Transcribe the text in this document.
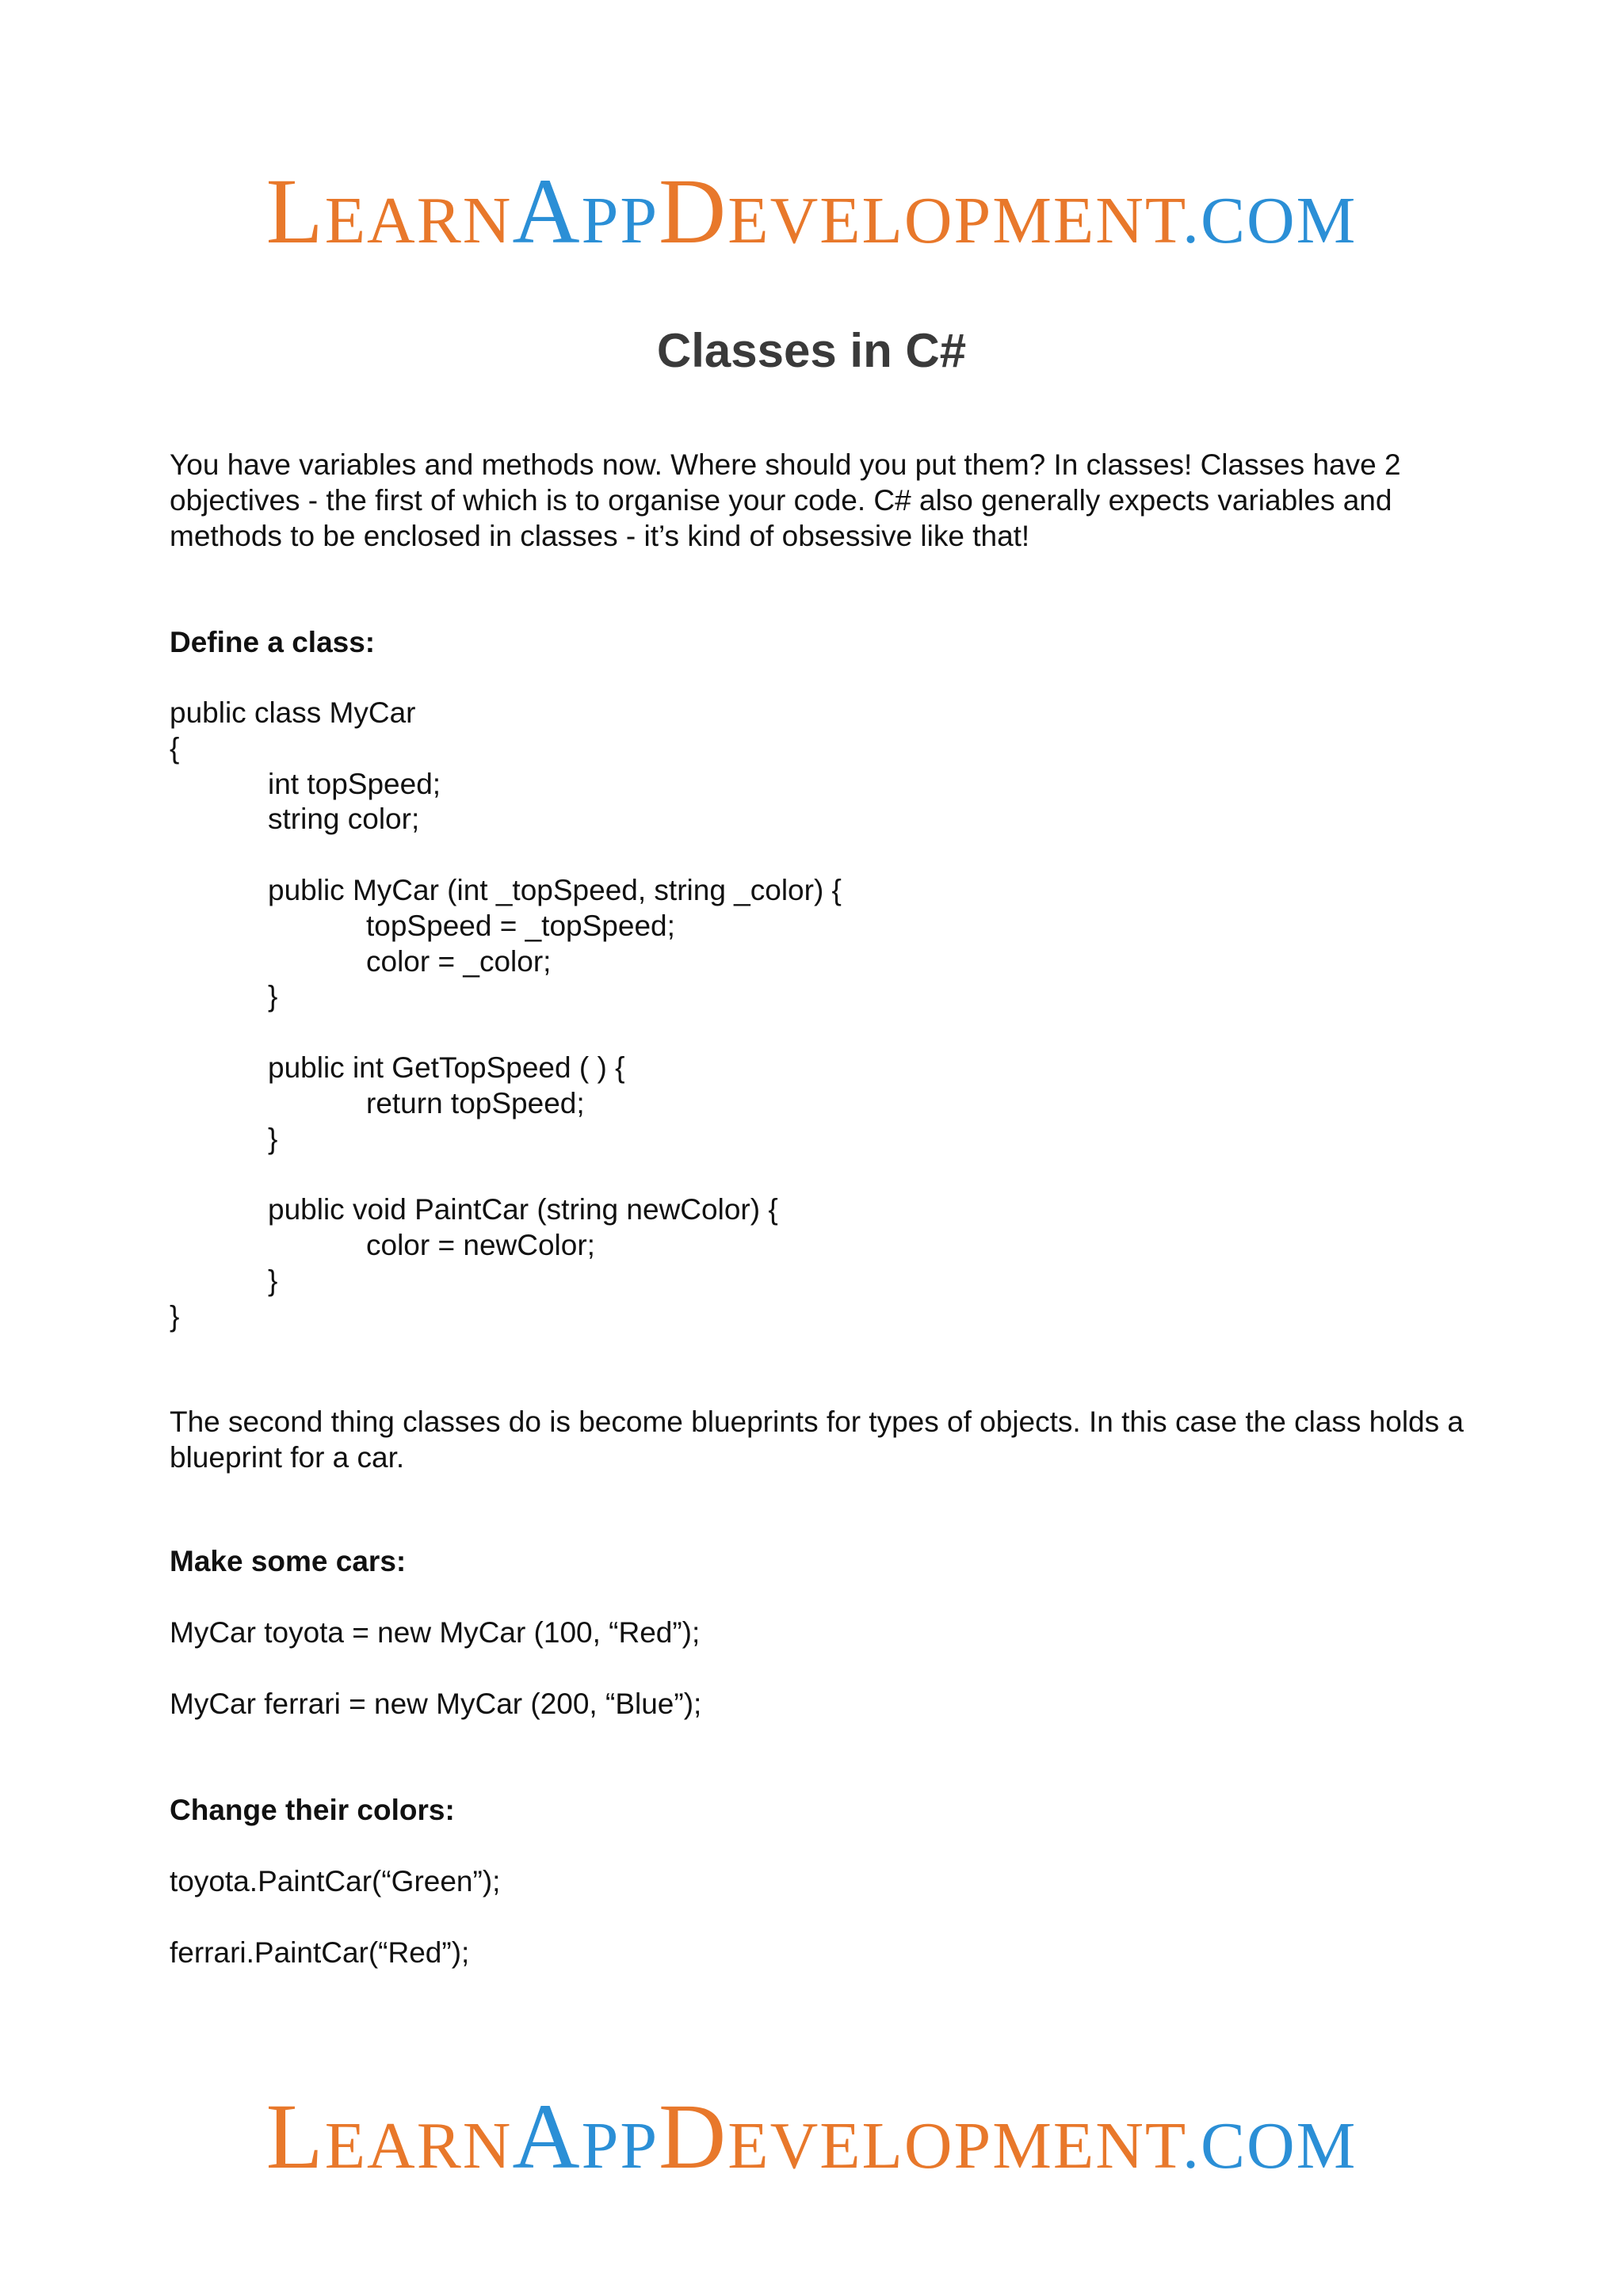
LEARNAPPDEVELOPMENT.COM
Classes in C#
You have variables and methods now. Where should you put them? In classes! Classes have 2 objectives - the first of which is to organise your code. C# also generally expects variables and methods to be enclosed in classes - it’s kind of obsessive like that!
Define a class:
public class MyCar
{
int topSpeed;
string color;
public MyCar (int _topSpeed, string _color) {
topSpeed = _topSpeed;
color = _color;
}
public int GetTopSpeed ( ) {
return topSpeed;
}
public void PaintCar (string newColor) {
color = newColor;
}
}
The second thing classes do is become blueprints for types of objects. In this case the class holds a blueprint for a car.
Make some cars:
MyCar toyota = new MyCar (100, “Red”);
MyCar ferrari = new MyCar (200, “Blue”);
Change their colors:
toyota.PaintCar(“Green”);
ferrari.PaintCar(“Red”);
LEARNAPPDEVELOPMENT.COM
